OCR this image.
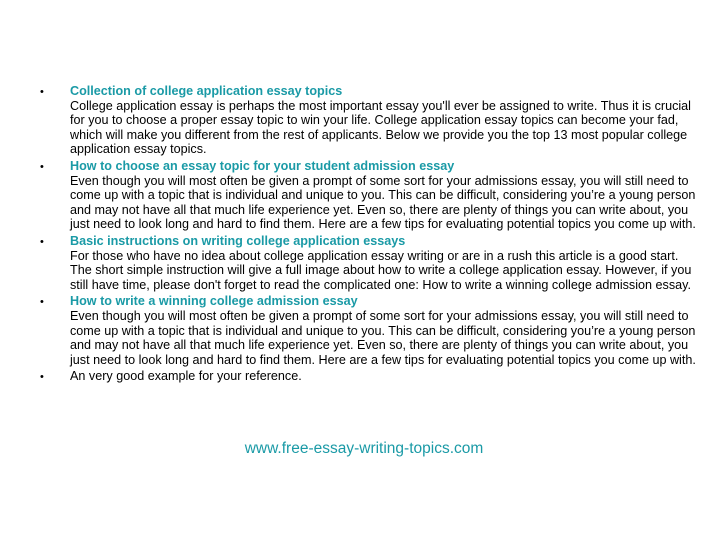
• Collection of college application essay topics
College application essay is perhaps the most important essay you'll ever be assigned to write. Thus it is crucial for you to choose a proper essay topic to win your life. College application essay topics can become your fad, which will make you different from the rest of applicants. Below we provide you the top 13 most popular college application essay topics.
• How to choose an essay topic for your student admission essay
Even though you will most often be given a prompt of some sort for your admissions essay, you will still need to come up with a topic that is individual and unique to you. This can be difficult, considering you’re a young person and may not have all that much life experience yet. Even so, there are plenty of things you can write about, you just need to look long and hard to find them. Here are a few tips for evaluating potential topics you come up with.
• Basic instructions on writing college application essays
For those who have no idea about college application essay writing or are in a rush this article is a good start. The short simple instruction will give a full image about how to write a college application essay. However, if you still have time, please don't forget to read the complicated one: How to write a winning college admission essay.
• How to write a winning college admission essay
Even though you will most often be given a prompt of some sort for your admissions essay, you will still need to come up with a topic that is individual and unique to you. This can be difficult, considering you’re a young person and may not have all that much life experience yet. Even so, there are plenty of things you can write about, you just need to look long and hard to find them. Here are a few tips for evaluating potential topics you come up with.
• An very good example for your reference.
www.free-essay-writing-topics.com
